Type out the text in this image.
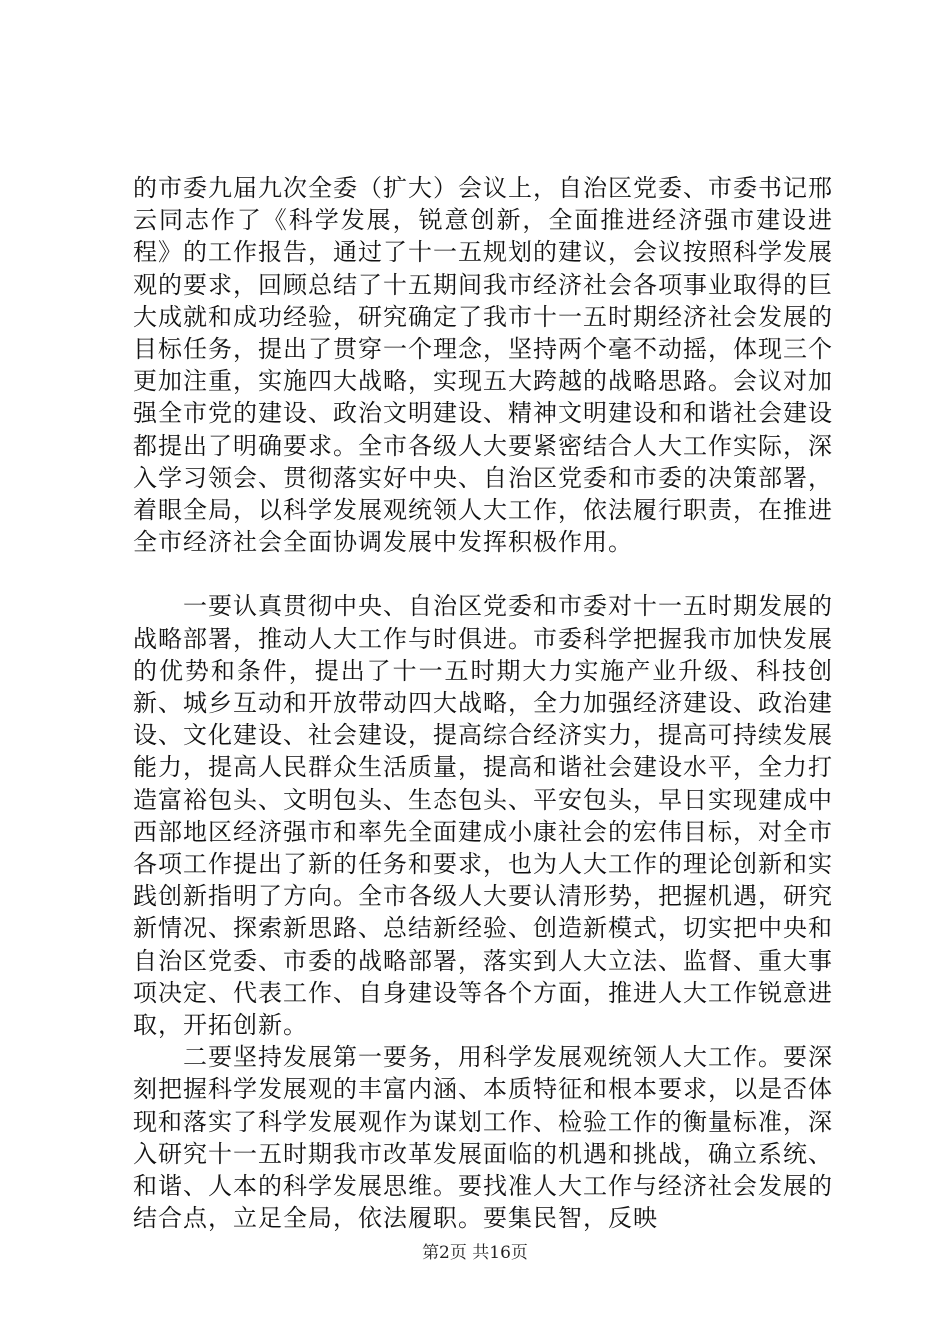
的市委九届九次全委（扩大）会议上，自治区党委、市委书记邢云同志作了《科学发展，锐意创新，全面推进经济强市建设进程》的工作报告，通过了十一五规划的建议，会议按照科学发展观的要求，回顾总结了十五期间我市经济社会各项事业取得的巨大成就和成功经验，研究确定了我市十一五时期经济社会发展的目标任务，提出了贯穿一个理念，坚持两个毫不动摇，体现三个更加注重，实施四大战略，实现五大跨越的战略思路。会议对加强全市党的建设、政治文明建设、精神文明建设和和谐社会建设都提出了明确要求。全市各级人大要紧密结合人大工作实际，深入学习领会、贯彻落实好中央、自治区党委和市委的决策部署，着眼全局，以科学发展观统领人大工作，依法履行职责，在推进全市经济社会全面协调发展中发挥积极作用。

一要认真贯彻中央、自治区党委和市委对十一五时期发展的战略部署，推动人大工作与时俱进。市委科学把握我市加快发展的优势和条件，提出了十一五时期大力实施产业升级、科技创新、城乡互动和开放带动四大战略，全力加强经济建设、政治建设、文化建设、社会建设，提高综合经济实力，提高可持续发展能力，提高人民群众生活质量，提高和谐社会建设水平，全力打造富裕包头、文明包头、生态包头、平安包头，早日实现建成中西部地区经济强市和率先全面建成小康社会的宏伟目标，对全市各项工作提出了新的任务和要求，也为人大工作的理论创新和实践创新指明了方向。全市各级人大要认清形势，把握机遇，研究新情况、探索新思路、总结新经验、创造新模式，切实把中央和自治区党委、市委的战略部署，落实到人大立法、监督、重大事项决定、代表工作、自身建设等各个方面，推进人大工作锐意进取，开拓创新。

二要坚持发展第一要务，用科学发展观统领人大工作。要深刻把握科学发展观的丰富内涵、本质特征和根本要求，以是否体现和落实了科学发展观作为谋划工作、检验工作的衡量标准，深入研究十一五时期我市改革发展面临的机遇和挑战，确立系统、和谐、人本的科学发展思维。要找准人大工作与经济社会发展的结合点，立足全局，依法履职。要集民智，反映

第2页 共16页
